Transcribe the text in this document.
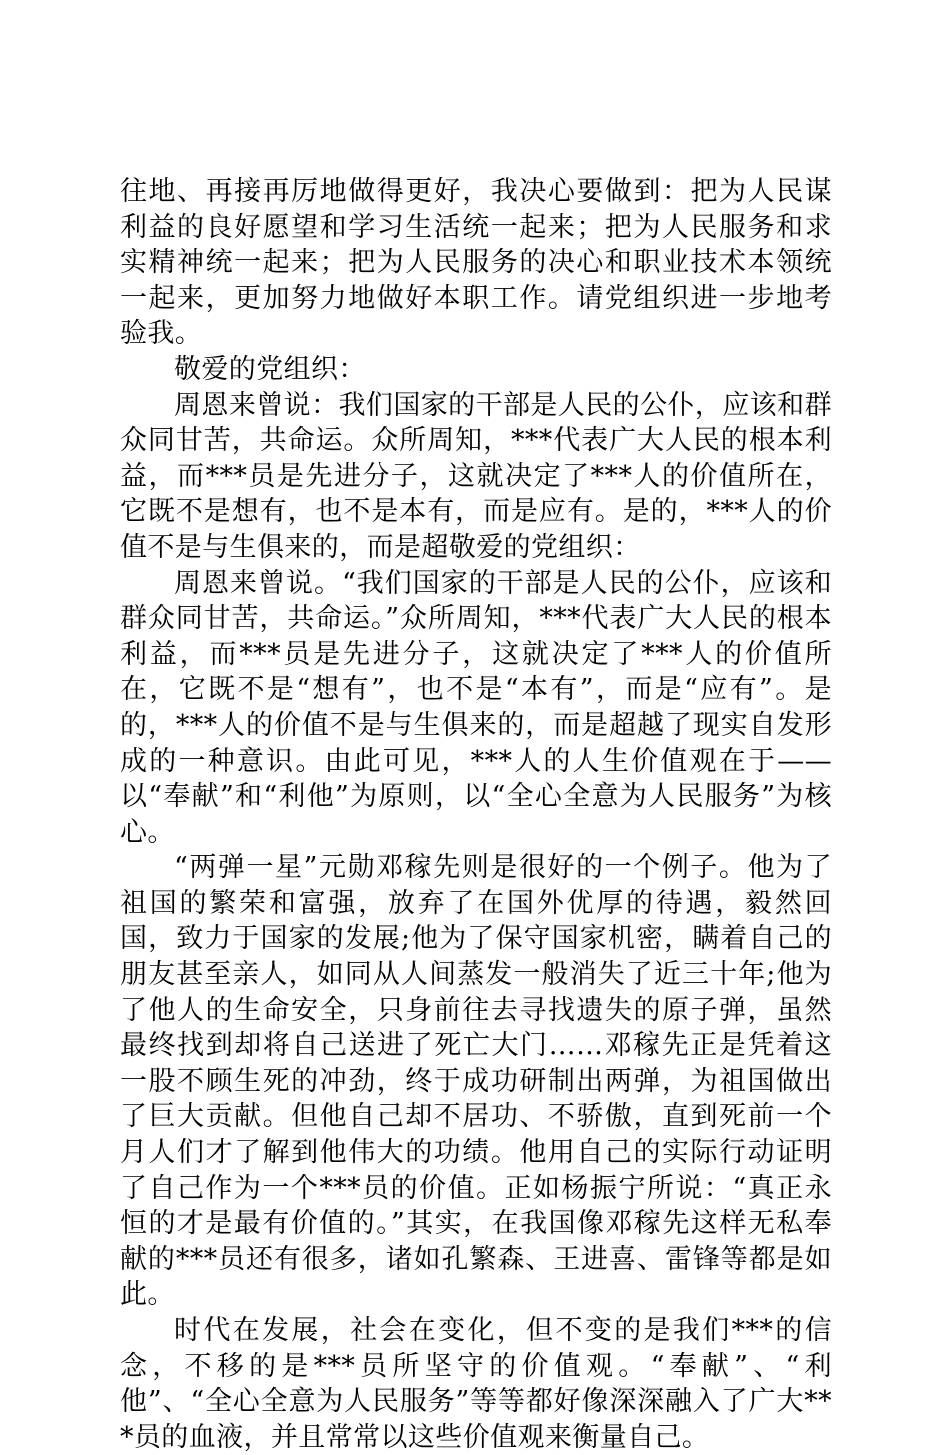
往地、再接再厉地做得更好，我决心要做到：把为人民谋利益的良好愿望和学习生活统一起来；把为人民服务和求实精神统一起来；把为人民服务的决心和职业技术本领统一起来，更加努力地做好本职工作。请党组织进一步地考验我。

敬爱的党组织：

周恩来曾说：我们国家的干部是人民的公仆，应该和群众同甘苦，共命运。众所周知，***代表广大人民的根本利益，而***员是先进分子，这就决定了***人的价值所在，它既不是想有，也不是本有，而是应有。是的，***人的价值不是与生俱来的，而是超敬爱的党组织：

周恩来曾说。“我们国家的干部是人民的公仆，应该和群众同甘苦，共命运。”众所周知，***代表广大人民的根本利益，而***员是先进分子，这就决定了***人的价值所在，它既不是“想有”，也不是“本有”，而是“应有”。是的，***人的价值不是与生俱来的，而是超越了现实自发形成的一种意识。由此可见，***人的人生价值观在于——以“奉献”和“利他”为原则，以“全心全意为人民服务”为核心。

“两弹一星”元勋邓稼先则是很好的一个例子。他为了祖国的繁荣和富强，放弃了在国外优厚的待遇，毅然回国，致力于国家的发展;他为了保守国家机密，瞒着自己的朋友甚至亲人，如同从人间蒸发一般消失了近三十年;他为了他人的生命安全，只身前往去寻找遗失的原子弹，虽然最终找到却将自己送进了死亡大门……邓稼先正是凭着这一股不顾生死的冲劲，终于成功研制出两弹，为祖国做出了巨大贡献。但他自己却不居功、不骄傲，直到死前一个月人们才了解到他伟大的功绩。他用自己的实际行动证明了自己作为一个***员的价值。正如杨振宁所说：“真正永恒的才是最有价值的。”其实，在我国像邓稼先这样无私奉献的***员还有很多，诸如孔繁森、王进喜、雷锋等都是如此。

时代在发展，社会在变化，但不变的是我们***的信念，不移的是***员所坚守的价值观。“奉献”、“利他”、“全心全意为人民服务”等等都好像深深融入了广大***员的血液，并且常常以这些价值观来衡量自己。
